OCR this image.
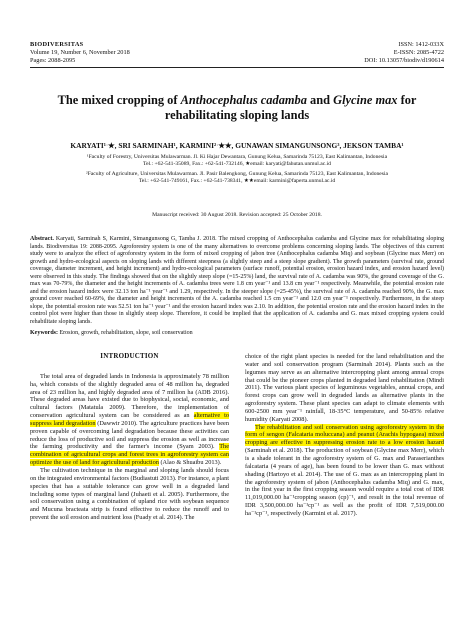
BIODIVERSITAS
Volume 19, Number 6, November 2018
Pages: 2088-2095
ISSN: 1412-033X
E-ISSN: 2085-4722
DOI: 10.13057/biodiv/d190614
The mixed cropping of Anthocephalus cadamba and Glycine max for
rehabilitating sloping lands
KARYATI¹ˑ★, SRI SARMINAH¹, KARMINI²ˑ★★, GUNAWAN SIMANGUNSONG³, JEKSON TAMBA¹
¹Faculty of Forestry, Universitas Mulawarman. Jl. Ki Hajar Dewantara, Gunung Kelua, Samarinda 75123, East Kalimantan, Indonesia
Tel.: +62-541-35089, Fax.: +62-541-732146, ★email: karyati@fahutan.unmul.ac.id
²Faculty of Agriculture, Universitas Mulawarman. Jl. Pasir Balengkong, Gunung Kelua, Samarinda 75123, East Kalimantan, Indonesia
Tel.: +62-541-749161, Fax.: +62-541-738341, ★★email: karmini@faperta.unmul.ac.id
Manuscript received: 30 August 2018. Revision accepted: 25 October 2018.
Abstract. Karyati, Sarminah S, Karmini, Simangunsong G, Tamba J. 2018. The mixed cropping of Anthocephalus cadamba and Glycine max for rehabilitating sloping lands. Biodiversitas 19: 2088-2095. Agroforestry system is one of the many alternatives to overcome problems concerning sloping lands. The objectives of this current study were to analyze the effect of agroforestry system in the form of mixed cropping of jabon tree (Anthocephalus cadamba Miq) and soybean (Glycine max Merr) on growth and hydro-ecological aspects on sloping lands with different steepness (a slightly steep and a steep slope gradient). The growth parameters (survival rate, ground coverage, diameter increment, and height increment) and hydro-ecological parameters (surface runoff, potential erosion, erosion hazard index, and erosion hazard level) were observed in this study. The findings showed that on the slightly steep slope (=15-25%) land, the survival rate of A. cadamba was 90%, the ground coverage of the G. max was 70-79%, the diameter and the height increments of A. cadamba trees were 1.8 cm year⁻¹ and 13.8 cm year⁻¹ respectively. Meanwhile, the potential erosion rate and the erosion hazard index were 32.13 ton ha⁻¹ year⁻¹ and 1.29, respectively. In the steeper slope (=25-45%), the survival rate of A. cadamba reached 90%, the G. max ground cover reached 60-69%, the diameter and height increments of the A. cadamba reached 1.5 cm year⁻¹ and 12.0 cm year⁻¹ respectively. Furthermore, in the steep slope, the potential erosion rate was 52.51 ton ha⁻¹ year⁻¹ and the erosion hazard index was 2.10. In addition, the potential erosion rate and the erosion hazard index in the control plot were higher than those in slightly steep slope. Therefore, it could be implied that the application of A. cadamba and G. max mixed cropping system could rehabilitate sloping lands.
Keywords: Erosion, growth, rehabilitation, slope, soil conservation
INTRODUCTION

The total area of degraded lands in Indonesia is approximately 78 million ha, which consists of the slightly degraded area of 48 million ha, degraded area of 23 million ha, and highly degraded area of 7 million ha (ADB 2016). These degraded areas have existed due to biophysical, social, economic, and cultural factors (Matatula 2009). Therefore, the implementation of conservation agricultural system can be considered as an alternative to suppress land degradation (Dawwir 2010). The agriculture practices have been proven capable of overcoming land degradation because these activities can reduce the loss of productive soil and suppress the erosion as well as increase the farming productivity and the farmer's income (Syam 2003). The combination of agricultural crops and forest trees in agroforestry system can optimize the use of land for agricultural production (Alao & Shuaibu 2013).

The cultivation technique in the marginal and sloping lands should focus on the integrated environmental factors (Budiastuti 2013). For instance, a plant species that has a suitable tolerance can grow well in a degraded land including some types of marginal land (Juhaeti et al. 2005). Furthermore, the soil conservation using a combination of upland rice with soybean sequence and Mucuna bracteata strip is found effective to reduce the runoff and to prevent the soil erosion and nutrient loss (Fuady et al. 2014). The

choice of the right plant species is needed for the land rehabilitation and the water and soil conservation program (Sarminah 2014). Plants such as the legumes may serve as an alternative intercropping plant among annual crops that could be the pioneer crops planted in degraded land rehabilitation (Mindi 2011). The various plant species of leguminous vegetables, annual crops, and forest crops can grow well in degraded lands as alternative plants in the agroforestry system. These plant species can adapt to climate elements with 600-2500 mm year⁻¹ rainfall, 18-35°C temperature, and 50-85% relative humidity (Karyati 2008).

The rehabilitation and soil conservation using agroforestry system in the form of sengon (Falcataria moluccana) and peanut (Arachis hypogaea) mixed cropping are effective in suppressing erosion rate to a low erosion hazard (Sarminah et al. 2018). The production of soybean (Glycine max Merr), which is a shade tolerant in the agroforestry system of G. max and Paraserianthes falcataria (4 years of age), has been found to be lower than G. max without shading (Hartoyo et al. 2014). The use of G. max as an intercropping plant in the agroforestry system of jabon (Anthocephalus cadamba Miq) and G. max, in the first year in the first cropping season would require a total cost of IDR 11,019,000.00 ha⁻¹cropping season (cp)⁻¹, and result in the total revenue of IDR 3,500,000.00 ha⁻¹cp⁻¹ as well as the profit of IDR 7,519,000.00 ha⁻¹cp⁻¹, respectively (Karmini et al. 2017).
